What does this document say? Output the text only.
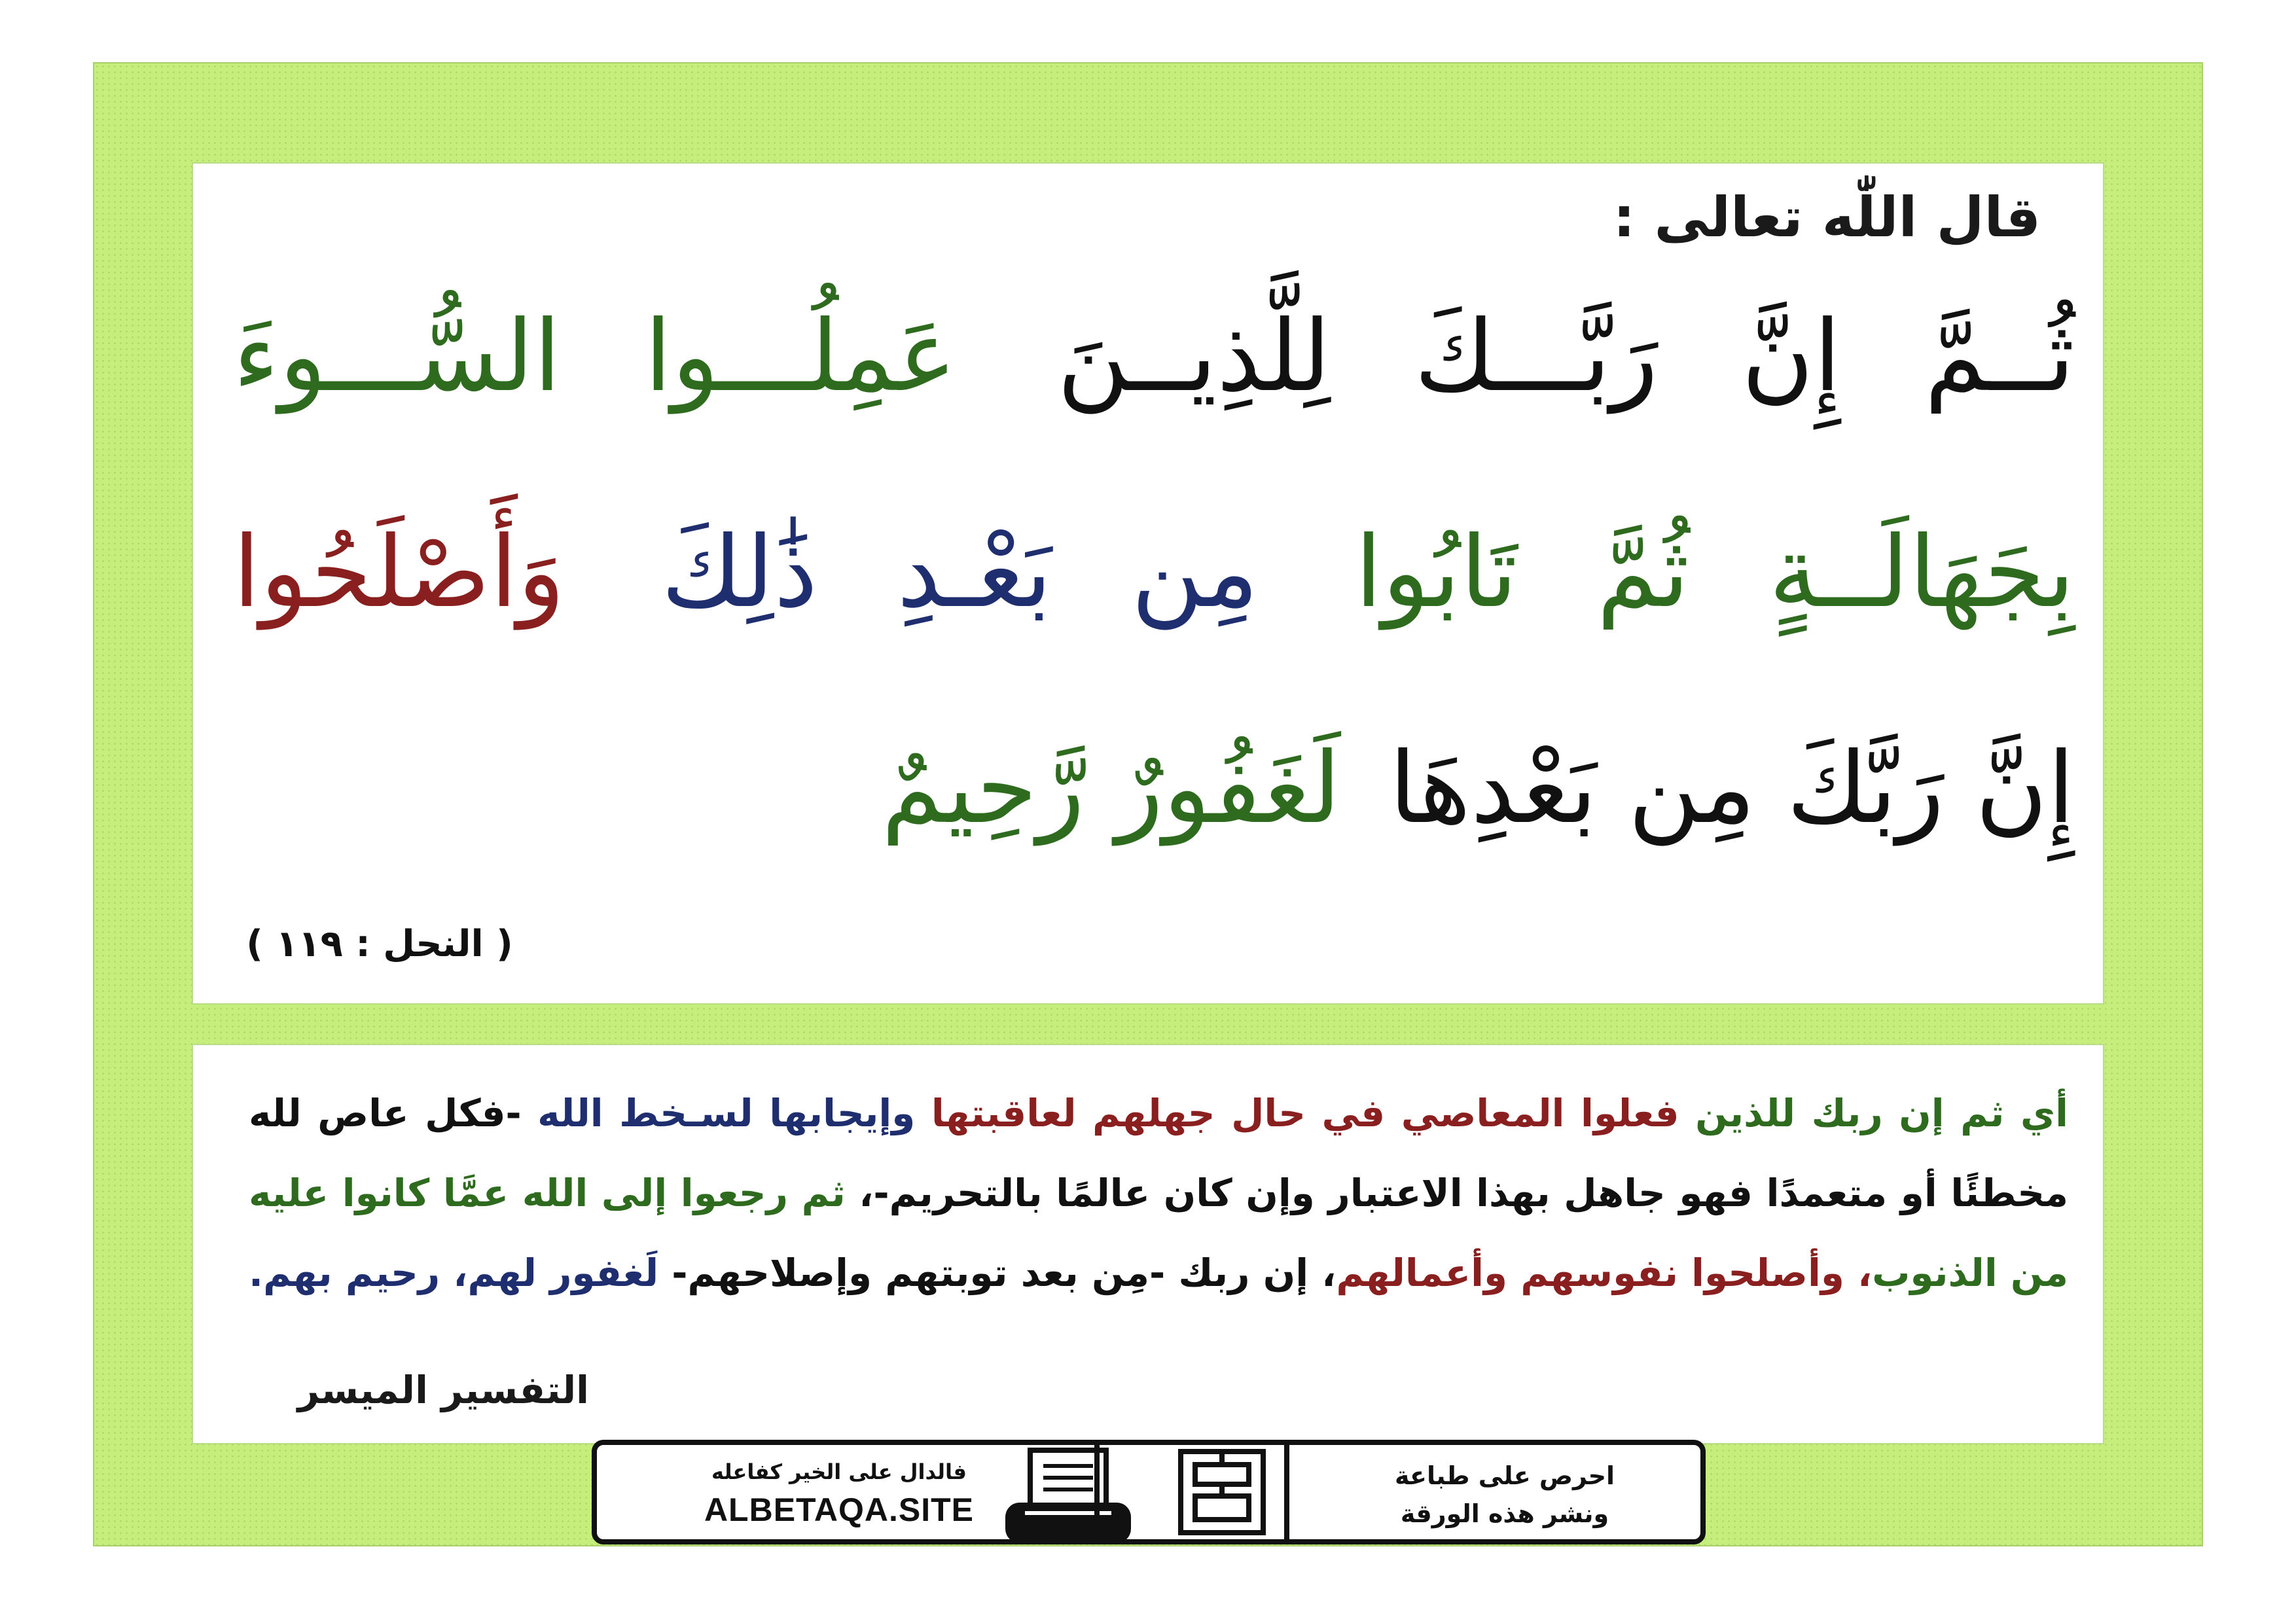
قال اللّٰه تعالى :
ثُــمَّ إِنَّ رَبَّـــكَ لِلَّذِيــنَ عَمِلُـــوا السُّـــوءَ
بِجَهَالَــةٍ ثُمَّ تَابُوا مِن بَعْـدِ ذَٰلِكَ وَأَصْلَحُوا
إِنَّ رَبَّكَ مِن بَعْدِهَا لَغَفُورٌ رَّحِيمٌ
( النحل : ١١٩ )
أي ثم إن ربك للذين فعلوا المعاصي في حال جهلهم لعاقبتها وإيجابها لسـخط الله -فكل عاص لله مخطئًا أو متعمدًا فهو جاهل بهذا الاعتبار وإن كان عالمًا بالتحريم-، ثم رجعوا إلى الله عمَّا كانوا عليه من الذنوب، وأصلحوا نفوسهم وأعمالهم، إن ربك -مِن بعد توبتهم وإصلاحهم- لَغفور لهم، رحيم بهم.
التفسير الميسر
فالدال على الخير كفاعله
ALBETAQA.SITE
احرص على طباعة
ونشر هذه الورقة
